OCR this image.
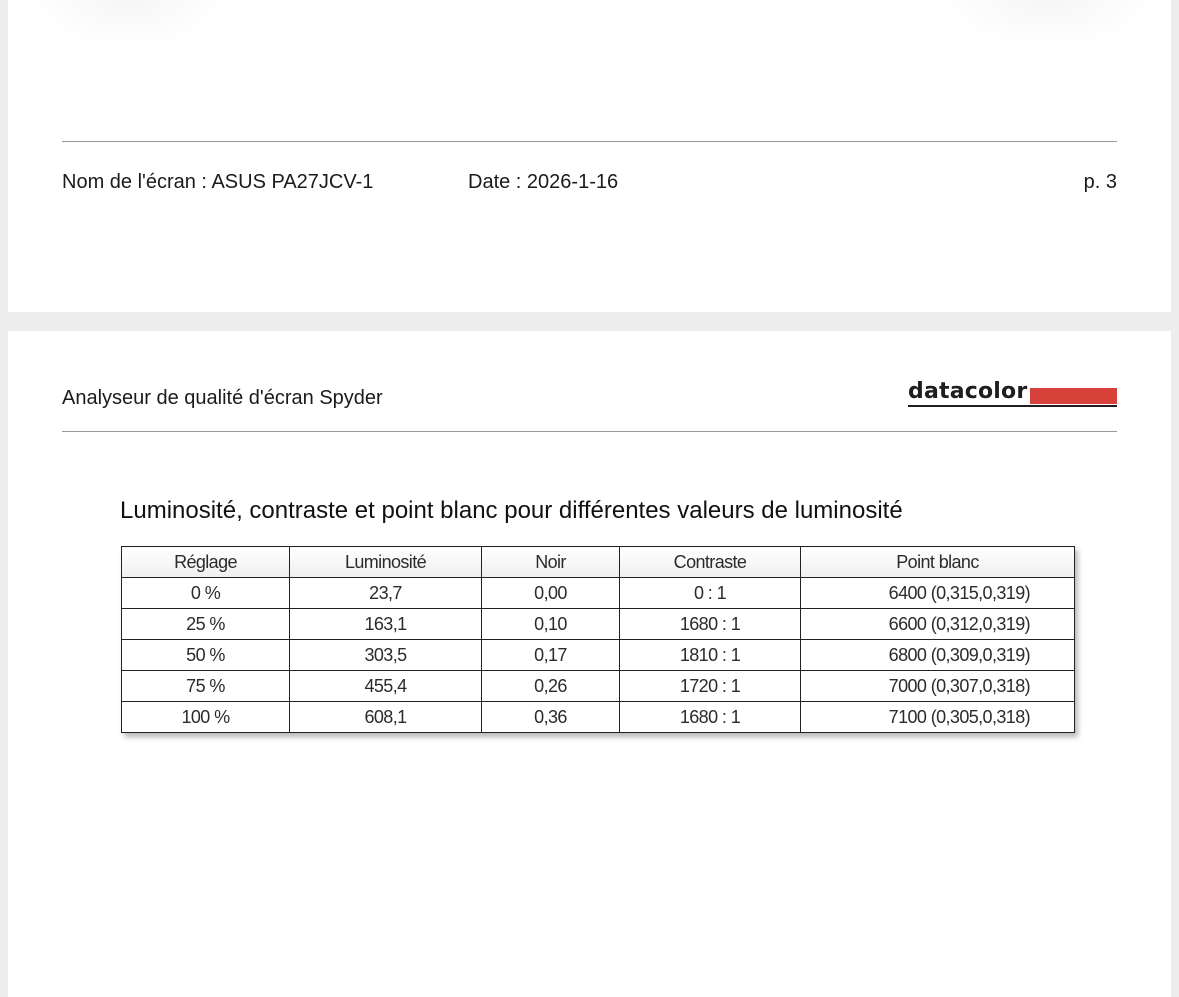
Nom de l'écran : ASUS PA27JCV-1	Date : 2026-1-16	p. 3
Analyseur de qualité d'écran Spyder	datacolor
Luminosité, contraste et point blanc pour différentes valeurs de luminosité
Réglage	Luminosité	Noir	Contraste	Point blanc
0 %	23,7	0,00	0 : 1	6400 (0,315,0,319)
25 %	163,1	0,10	1680 : 1	6600 (0,312,0,319)
50 %	303,5	0,17	1810 : 1	6800 (0,309,0,319)
75 %	455,4	0,26	1720 : 1	7000 (0,307,0,318)
100 %	608,1	0,36	1680 : 1	7100 (0,305,0,318)
